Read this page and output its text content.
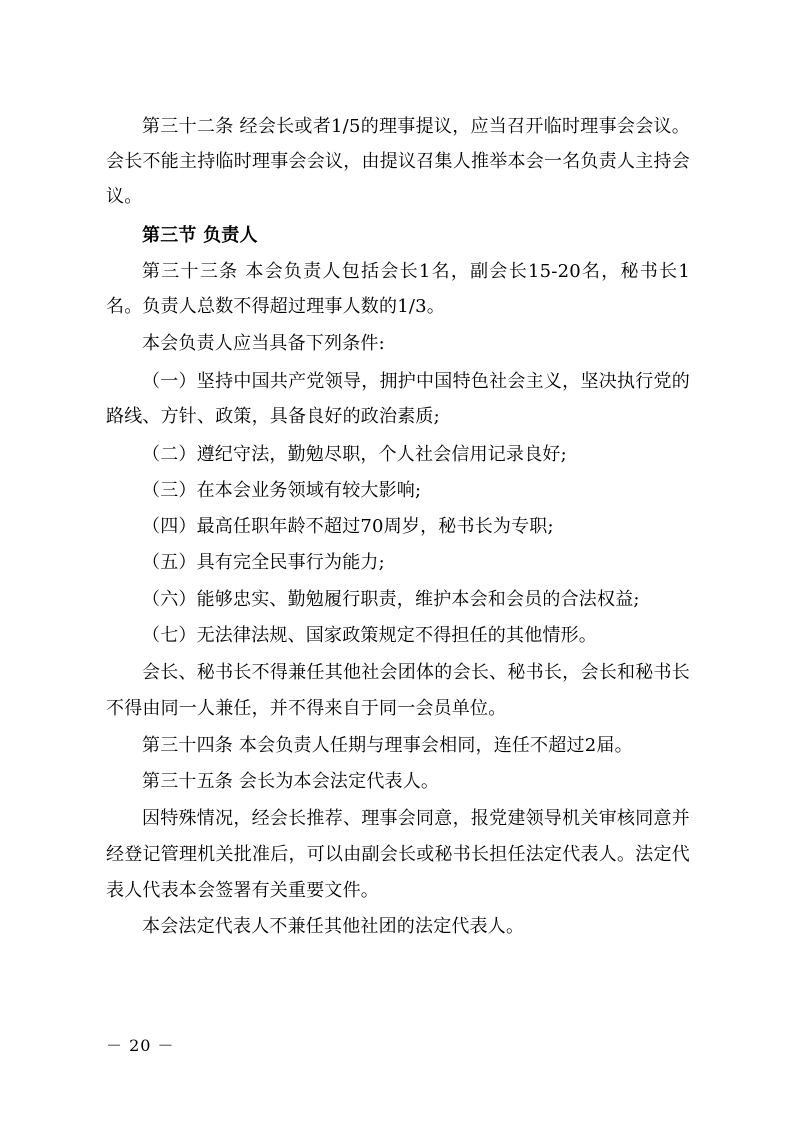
第三十二条 经会长或者1/5的理事提议，应当召开临时理事会会议。
会长不能主持临时理事会会议，由提议召集人推举本会一名负责人主持会
议。
第三节 负责人
第三十三条 本会负责人包括会长1名，副会长15-20名，秘书长1
名。负责人总数不得超过理事人数的1/3。
本会负责人应当具备下列条件:
（一）坚持中国共产党领导，拥护中国特色社会主义，坚决执行党的
路线、方针、政策，具备良好的政治素质;
（二）遵纪守法，勤勉尽职，个人社会信用记录良好;
（三）在本会业务领域有较大影响;
（四）最高任职年龄不超过70周岁，秘书长为专职;
（五）具有完全民事行为能力;
（六）能够忠实、勤勉履行职责，维护本会和会员的合法权益;
（七）无法律法规、国家政策规定不得担任的其他情形。
会长、秘书长不得兼任其他社会团体的会长、秘书长，会长和秘书长
不得由同一人兼任，并不得来自于同一会员单位。
第三十四条 本会负责人任期与理事会相同，连任不超过2届。
第三十五条 会长为本会法定代表人。
因特殊情况，经会长推荐、理事会同意，报党建领导机关审核同意并
经登记管理机关批准后，可以由副会长或秘书长担任法定代表人。法定代
表人代表本会签署有关重要文件。
本会法定代表人不兼任其他社团的法定代表人。
－ 20 －
